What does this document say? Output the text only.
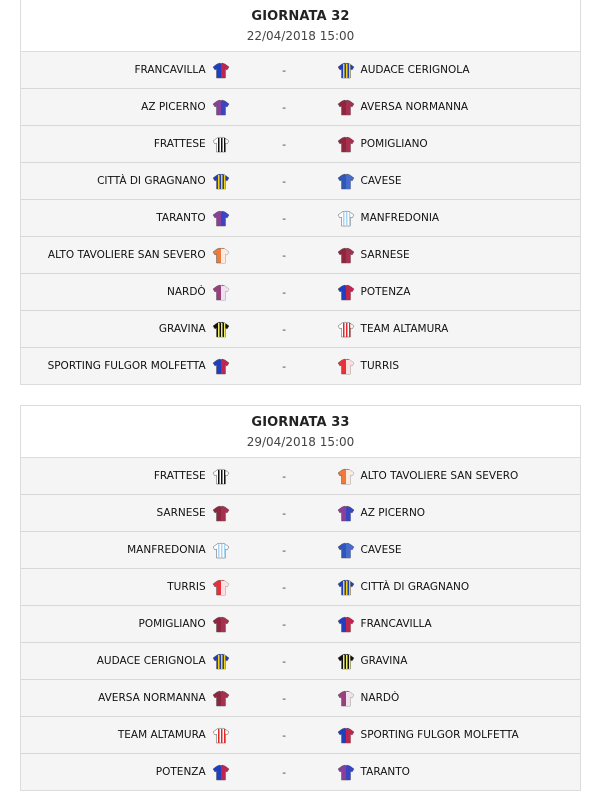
GIORNATA 32
22/04/2018 15:00
FRANCAVILLA	-	AUDACE CERIGNOLA
AZ PICERNO	-	AVERSA NORMANNA
FRATTESE	-	POMIGLIANO
CITTÀ DI GRAGNANO	-	CAVESE
TARANTO	-	MANFREDONIA
ALTO TAVOLIERE SAN SEVERO	-	SARNESE
NARDÒ	-	POTENZA
GRAVINA	-	TEAM ALTAMURA
SPORTING FULGOR MOLFETTA	-	TURRIS
GIORNATA 33
29/04/2018 15:00
FRATTESE	-	ALTO TAVOLIERE SAN SEVERO
SARNESE	-	AZ PICERNO
MANFREDONIA	-	CAVESE
TURRIS	-	CITTÀ DI GRAGNANO
POMIGLIANO	-	FRANCAVILLA
AUDACE CERIGNOLA	-	GRAVINA
AVERSA NORMANNA	-	NARDÒ
TEAM ALTAMURA	-	SPORTING FULGOR MOLFETTA
POTENZA	-	TARANTO
